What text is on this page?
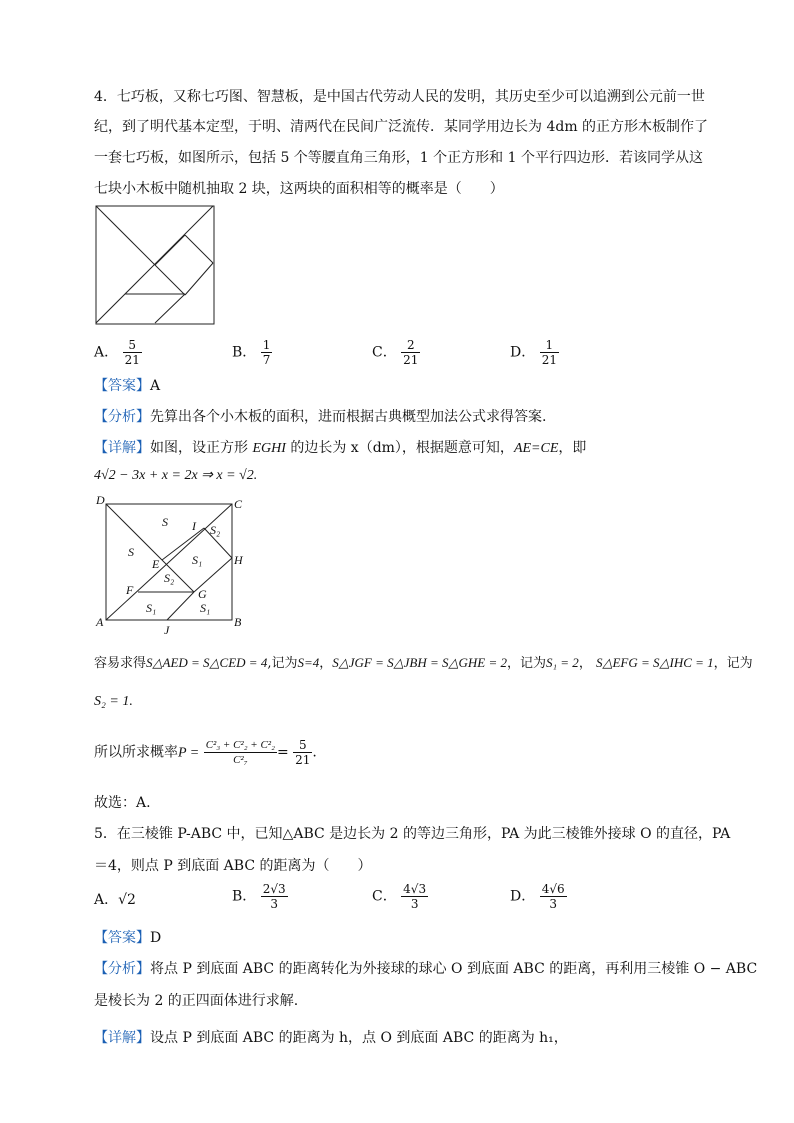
4．七巧板，又称七巧图、智慧板，是中国古代劳动人民的发明，其历史至少可以追溯到公元前一世
纪，到了明代基本定型，于明、清两代在民间广泛流传．某同学用边长为 4dm 的正方形木板制作了
一套七巧板，如图所示，包括 5 个等腰直角三角形，1 个正方形和 1 个平行四边形．若该同学从这
七块小木板中随机抽取 2 块，这两块的面积相等的概率是（　　）
A． $\frac{5}{21}$	B． $\frac{1}{7}$	C． $\frac{2}{21}$	D． $\frac{1}{21}$
【答案】A
【分析】先算出各个小木板的面积，进而根据古典概型加法公式求得答案.
【详解】如图，设正方形 EGHI 的边长为 x（dm），根据题意可知，AE=CE，即
4√2 − 3x + x = 2x ⇒ x = √2.
D	C
A	B
I
H
E
F	G
J
S
S
S₂
S₁
S₂
S₁	S₁
容易求得S△AED = S△CED = 4,记为S=4，S△JGF = S△JBH = S△GHE = 2，记为S₁ = 2， S△EFG = S△IHC = 1，记为
S₂ = 1.
所以所求概率$P = \frac{\text{C²₃ + C²₂ + C²₂}}{\text{C²₇}} = \frac{5}{21}$ .
故选：A.
5．在三棱锥 P-ABC 中，已知△ABC 是边长为 2 的等边三角形，PA 为此三棱锥外接球 O 的直径，PA
＝4，则点 P 到底面 ABC 的距离为（　　）
A．√2	B． $\frac{2√3}{3}$	C． $\frac{4√3}{3}$	D． $\frac{4√6}{3}$
【答案】D
【分析】将点 P 到底面 ABC 的距离转化为外接球的球心 O 到底面 ABC 的距离，再利用三棱锥 O − ABC
是棱长为 2 的正四面体进行求解.
【详解】设点 P 到底面 ABC 的距离为 h，点 O 到底面 ABC 的距离为 h₁，
